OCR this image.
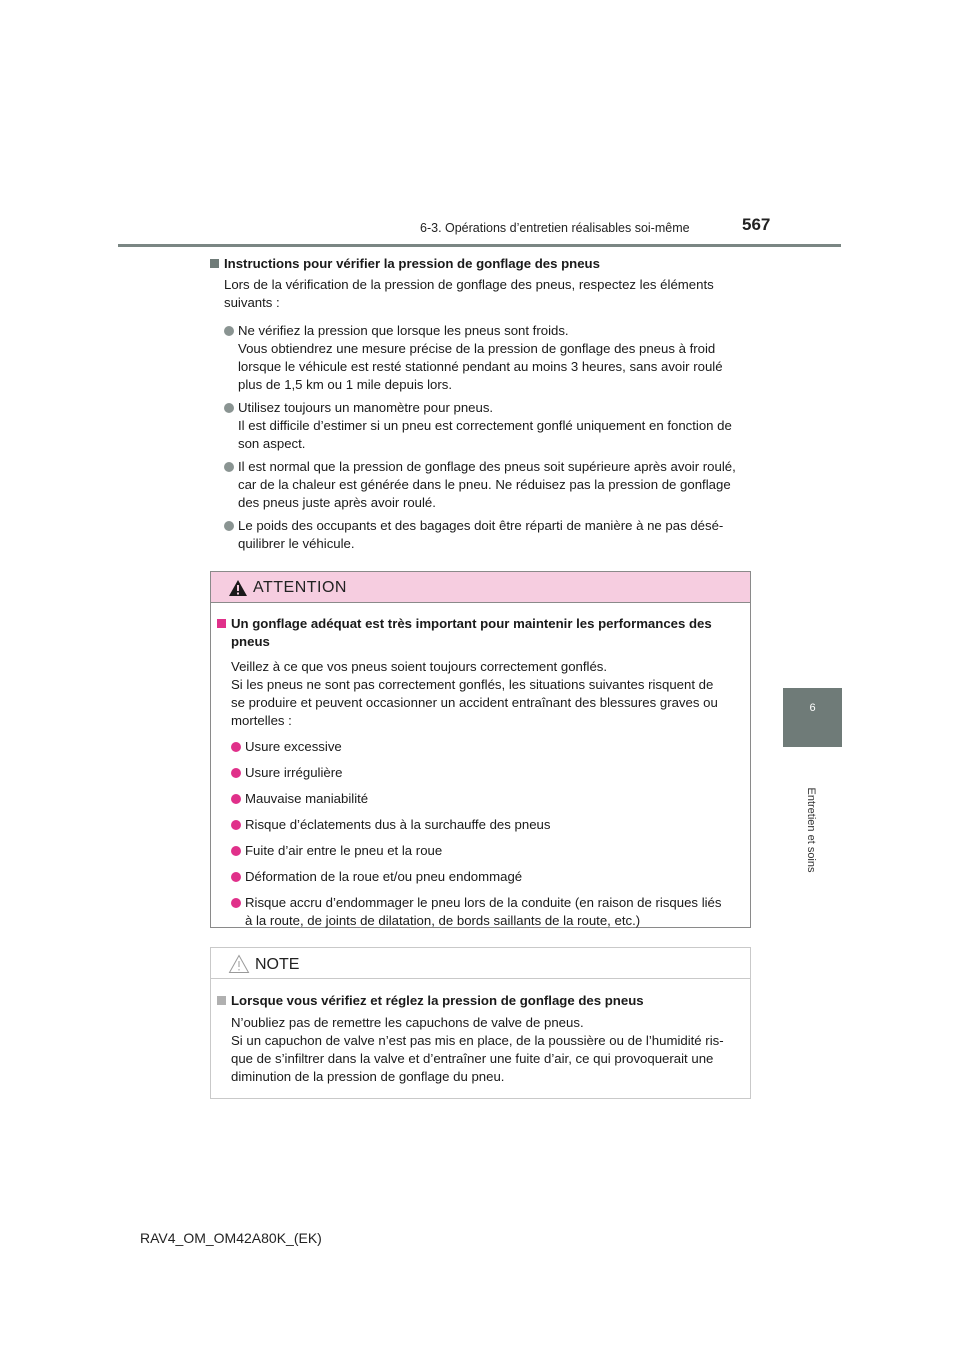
6-3. Opérations d’entretien réalisables soi-même	567
6
Entretien et soins
Instructions pour vérifier la pression de gonflage des pneus
Lors de la vérification de la pression de gonflage des pneus, respectez les éléments
suivants :
Ne vérifiez la pression que lorsque les pneus sont froids.
Vous obtiendrez une mesure précise de la pression de gonflage des pneus à froid
lorsque le véhicule est resté stationné pendant au moins 3 heures, sans avoir roulé
plus de 1,5 km ou 1 mile depuis lors.
Utilisez toujours un manomètre pour pneus.
Il est difficile d’estimer si un pneu est correctement gonflé uniquement en fonction de
son aspect.
Il est normal que la pression de gonflage des pneus soit supérieure après avoir roulé,
car de la chaleur est générée dans le pneu. Ne réduisez pas la pression de gonflage
des pneus juste après avoir roulé.
Le poids des occupants et des bagages doit être réparti de manière à ne pas désé-
quilibrer le véhicule.
ATTENTION
Un gonflage adéquat est très important pour maintenir les performances des
pneus
Veillez à ce que vos pneus soient toujours correctement gonflés.
Si les pneus ne sont pas correctement gonflés, les situations suivantes risquent de
se produire et peuvent occasionner un accident entraînant des blessures graves ou
mortelles :
Usure excessive
Usure irrégulière
Mauvaise maniabilité
Risque d’éclatements dus à la surchauffe des pneus
Fuite d’air entre le pneu et la roue
Déformation de la roue et/ou pneu endommagé
Risque accru d’endommager le pneu lors de la conduite (en raison de risques liés
à la route, de joints de dilatation, de bords saillants de la route, etc.)
NOTE
Lorsque vous vérifiez et réglez la pression de gonflage des pneus
N’oubliez pas de remettre les capuchons de valve de pneus.
Si un capuchon de valve n’est pas mis en place, de la poussière ou de l’humidité ris-
que de s’infiltrer dans la valve et d’entraîner une fuite d’air, ce qui provoquerait une
diminution de la pression de gonflage du pneu.
RAV4_OM_OM42A80K_(EK)
